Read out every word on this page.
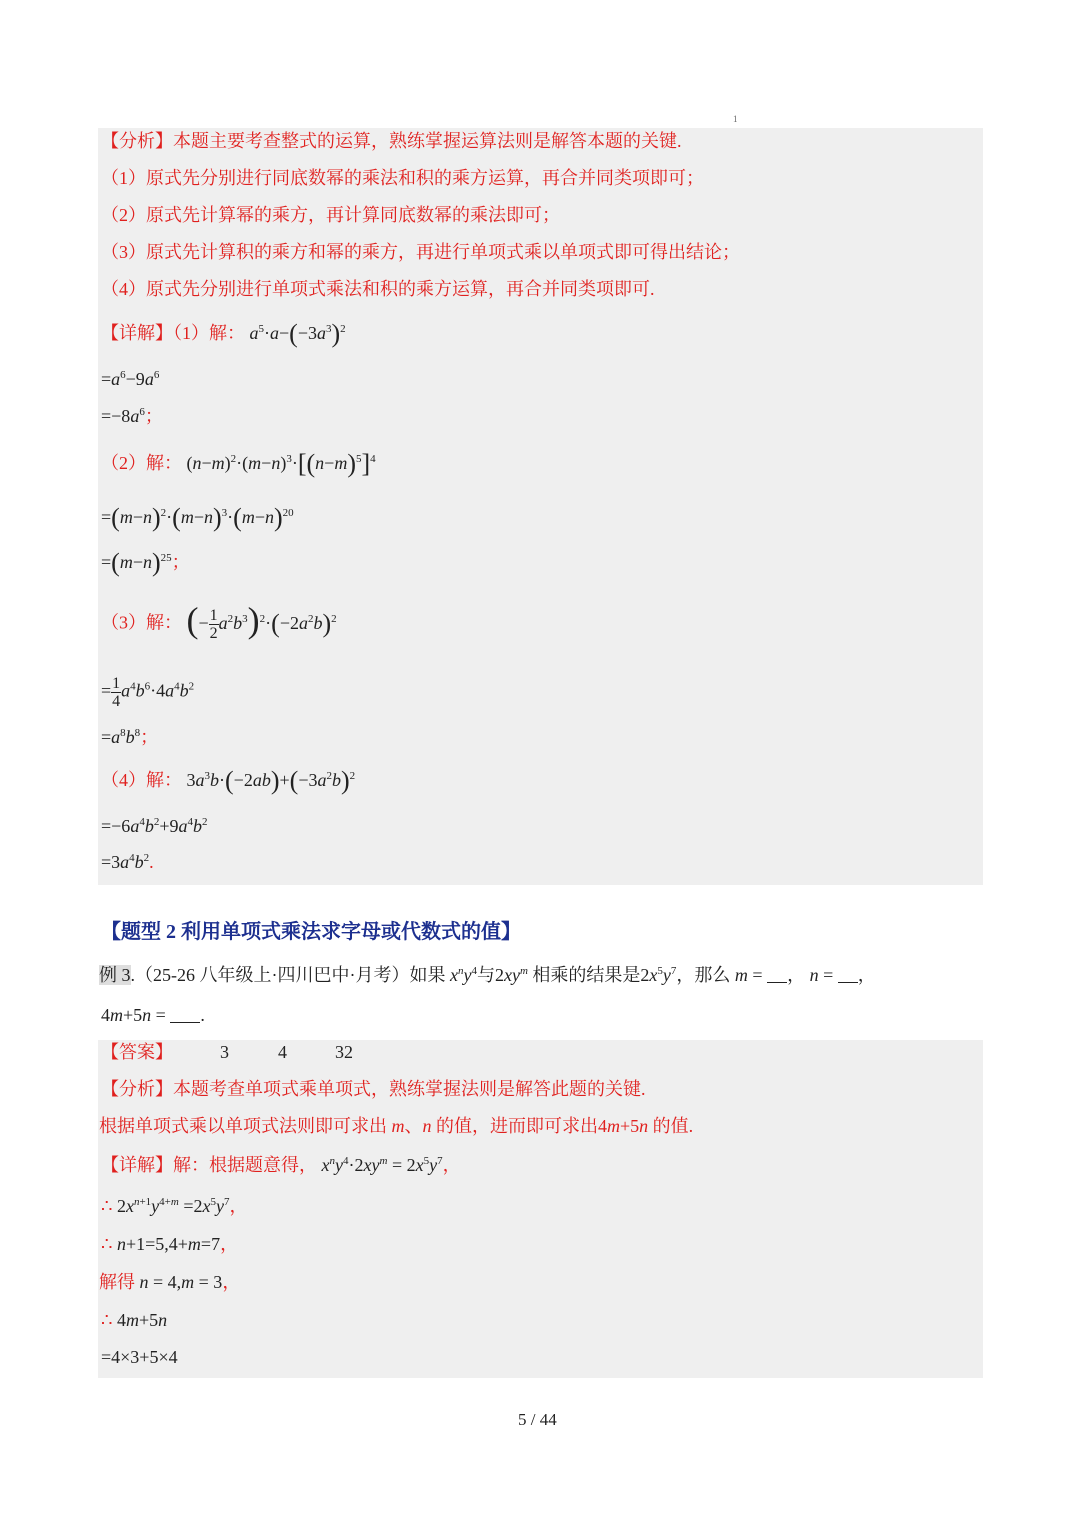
1
【分析】本题主要考查整式的运算，熟练掌握运算法则是解答本题的关键.
（1）原式先分别进行同底数幂的乘法和积的乘方运算，再合并同类项即可；
（2）原式先计算幂的乘方，再计算同底数幂的乘法即可；
（3）原式先计算积的乘方和幂的乘方，再进行单项式乘以单项式即可得出结论；
（4）原式先分别进行单项式乘法和积的乘方运算，再合并同类项即可.
【详解】（1）解： $a^5\cdot a-(-3a^3)^2$
$=a^6-9a^6$
$=-8a^6$；
（2）解： $(n-m)^2\cdot(m-n)^3\cdot[(n-m)^5]^4$
$=(m-n)^2\cdot(m-n)^3\cdot(m-n)^{20}$
$=(m-n)^{25}$；
（3）解： (− $\frac{1}{2} a^2b^3)^2\cdot(-2a^2b)^2$
= $\frac{1}{4} a^4b^6\cdot 4a^4b^2$
$=a^8b^8$；
（4）解： $3a^3b\cdot(-2ab)+(-3a^2b)^2$
$=-6a^4b^2+9a^4b^2$
$=3a^4b^2$.
【题型 2 利用单项式乘法求字母或代数式的值】
例 3.（25-26 八年级上·四川巴中·月考）如果 $x^ny^4$与$2xy^m$ 相乘的结果是$2x^5y^7$，那么 m = ， n = ，
4m+5n = .
【答案】	3	4	32
【分析】本题考查单项式乘单项式，熟练掌握法则是解答此题的关键.
根据单项式乘以单项式法则即可求出 m、n 的值，进而即可求出4m+5n 的值.
【详解】解：根据题意得， $x^ny^4\cdot 2xy^m = 2x^5y^7$，
∴ $2x^{n+1}y^{4+m} =2x^5y^7$，
∴ n+1=5,4+m=7，
解得 n = 4,m = 3，
∴ 4m+5n
=4×3+5×4
5 / 44
